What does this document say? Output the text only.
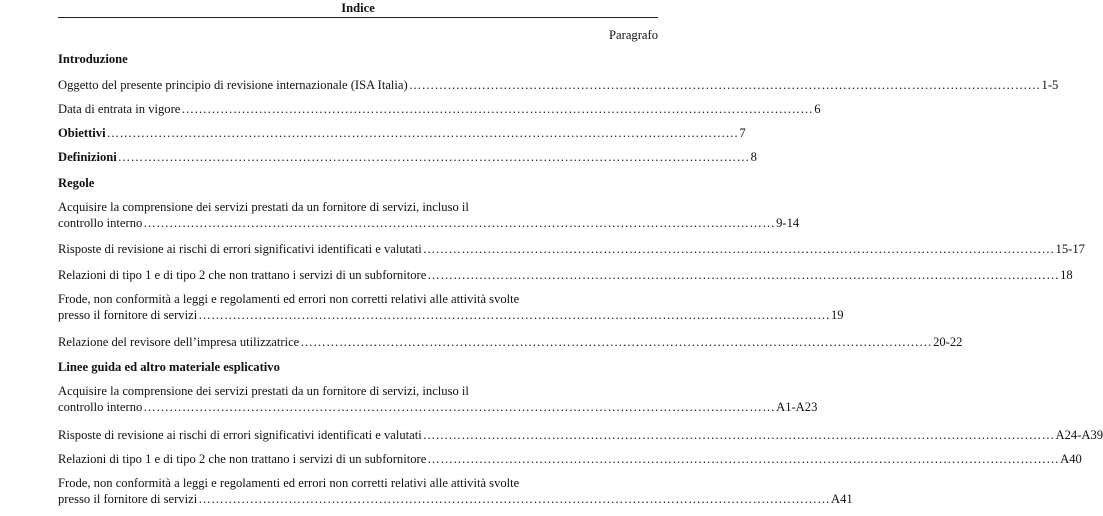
Indice
Paragrafo
Introduzione
Oggetto del presente principio di revisione internazionale (ISA Italia) ………………………………………………………………………………………………………………………………… 1-5
Data di entrata in vigore ………………………………………………………………………………………………………………………………… 6
Obiettivi ………………………………………………………………………………………………………………………………… 7
Definizioni ………………………………………………………………………………………………………………………………… 8
Regole
Acquisire la comprensione dei servizi prestati da un fornitore di servizi, incluso il
controllo interno ………………………………………………………………………………………………………………………………… 9-14
Risposte di revisione ai rischi di errori significativi identificati e valutati ………………………………………………………………………………………………………………………………… 15-17
Relazioni di tipo 1 e di tipo 2 che non trattano i servizi di un subfornitore ………………………………………………………………………………………………………………………………… 18
Frode, non conformità a leggi e regolamenti ed errori non corretti relativi alle attività svolte
presso il fornitore di servizi ………………………………………………………………………………………………………………………………… 19
Relazione del revisore dell’impresa utilizzatrice ………………………………………………………………………………………………………………………………… 20-22
Linee guida ed altro materiale esplicativo
Acquisire la comprensione dei servizi prestati da un fornitore di servizi, incluso il
controllo interno ………………………………………………………………………………………………………………………………… A1-A23
Risposte di revisione ai rischi di errori significativi identificati e valutati ………………………………………………………………………………………………………………………………… A24-A39
Relazioni di tipo 1 e di tipo 2 che non trattano i servizi di un subfornitore ………………………………………………………………………………………………………………………………… A40
Frode, non conformità a leggi e regolamenti ed errori non corretti relativi alle attività svolte
presso il fornitore di servizi ………………………………………………………………………………………………………………………………… A41
